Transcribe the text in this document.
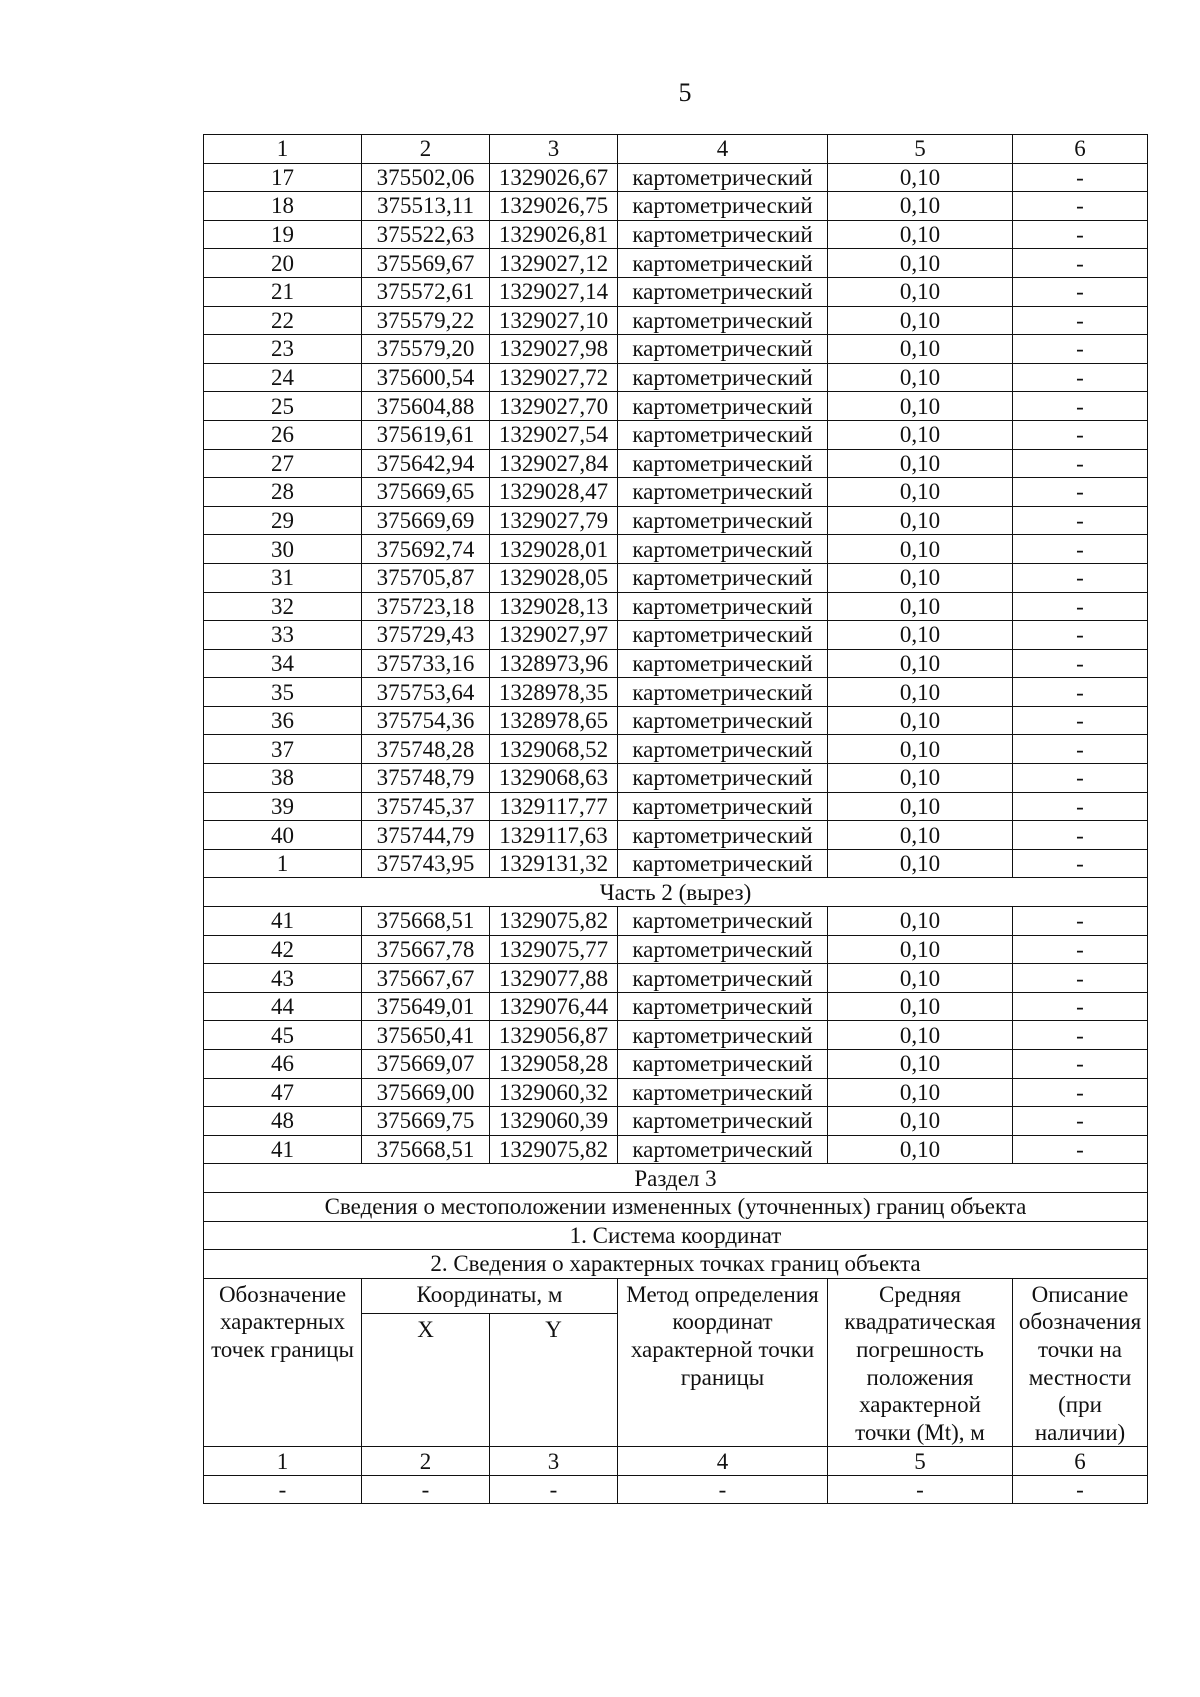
5
1	2	3	4	5	6
17	375502,06	1329026,67	картометрический	0,10	-
18	375513,11	1329026,75	картометрический	0,10	-
19	375522,63	1329026,81	картометрический	0,10	-
20	375569,67	1329027,12	картометрический	0,10	-
21	375572,61	1329027,14	картометрический	0,10	-
22	375579,22	1329027,10	картометрический	0,10	-
23	375579,20	1329027,98	картометрический	0,10	-
24	375600,54	1329027,72	картометрический	0,10	-
25	375604,88	1329027,70	картометрический	0,10	-
26	375619,61	1329027,54	картометрический	0,10	-
27	375642,94	1329027,84	картометрический	0,10	-
28	375669,65	1329028,47	картометрический	0,10	-
29	375669,69	1329027,79	картометрический	0,10	-
30	375692,74	1329028,01	картометрический	0,10	-
31	375705,87	1329028,05	картометрический	0,10	-
32	375723,18	1329028,13	картометрический	0,10	-
33	375729,43	1329027,97	картометрический	0,10	-
34	375733,16	1328973,96	картометрический	0,10	-
35	375753,64	1328978,35	картометрический	0,10	-
36	375754,36	1328978,65	картометрический	0,10	-
37	375748,28	1329068,52	картометрический	0,10	-
38	375748,79	1329068,63	картометрический	0,10	-
39	375745,37	1329117,77	картометрический	0,10	-
40	375744,79	1329117,63	картометрический	0,10	-
1	375743,95	1329131,32	картометрический	0,10	-
Часть 2 (вырез)					
41	375668,51	1329075,82	картометрический	0,10	-
42	375667,78	1329075,77	картометрический	0,10	-
43	375667,67	1329077,88	картометрический	0,10	-
44	375649,01	1329076,44	картометрический	0,10	-
45	375650,41	1329056,87	картометрический	0,10	-
46	375669,07	1329058,28	картометрический	0,10	-
47	375669,00	1329060,32	картометрический	0,10	-
48	375669,75	1329060,39	картометрический	0,10	-
41	375668,51	1329075,82	картометрический	0,10	-
Раздел 3					
Сведения о местоположении измененных (уточненных) границ объекта					
1. Система координат					
2. Сведения о характерных точках границ объекта					
Обозначение характерных точек границы	Координаты, м		Метод определения координат характерной точки границы	Средняя квадратическая погрешность положения характерной точки (Mt), м	Описание обозначения точки на местности (при наличии)
	X	Y			
1	2	3	4	5	6
-	-	-	-	-	-
